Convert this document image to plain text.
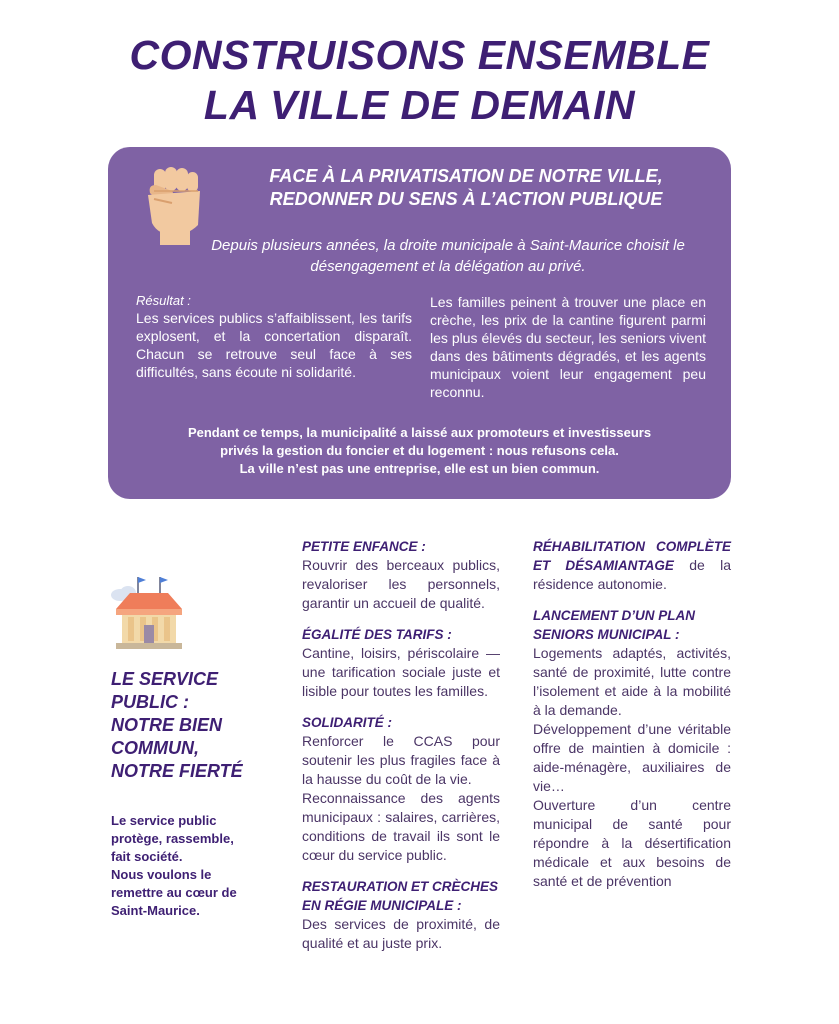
CONSTRUISONS ENSEMBLE
LA VILLE DE DEMAIN
FACE À LA PRIVATISATION DE NOTRE VILLE,
REDONNER DU SENS À L’ACTION PUBLIQUE
Depuis plusieurs années, la droite municipale à Saint-Maurice choisit le désengagement et la délégation au privé.
Résultat :
Les services publics s’affaiblissent, les tarifs explosent, et la concertation disparaît. Chacun se retrouve seul face à ses difficultés, sans écoute ni solidarité.
Les familles peinent à trouver une place en crèche, les prix de la cantine figurent parmi les plus élevés du secteur, les seniors vivent dans des bâtiments dégradés, et les agents municipaux voient leur engagement peu reconnu.
Pendant ce temps, la municipalité a laissé aux promoteurs et investisseurs
privés la gestion du foncier et du logement : nous refusons cela.
La ville n’est pas une entreprise, elle est un bien commun.
LE SERVICE
PUBLIC :
NOTRE BIEN
COMMUN,
NOTRE FIERTÉ
Le service public
protège, rassemble,
fait société.
Nous voulons le
remettre au cœur de
Saint-Maurice.
PETITE ENFANCE :

Rouvrir des berceaux publics, revaloriser les personnels, garantir un accueil de qualité.

ÉGALITÉ DES TARIFS :

Cantine, loisirs, périscolaire — une tarification sociale juste et lisible pour toutes les familles.

SOLIDARITÉ :

Renforcer le CCAS pour soutenir les plus fragiles face à la hausse du coût de la vie.

Reconnaissance des agents municipaux : salaires, carrières, conditions de travail ils sont le cœur du service public.

RESTAURATION ET CRÈCHES
EN RÉGIE MUNICIPALE :

Des services de proximité, de qualité et au juste prix.

RÉHABILITATION COMPLÈTE ET DÉSAMIANTAGE de la résidence autonomie.

LANCEMENT D’UN PLAN SENIORS MUNICIPAL :

Logements adaptés, activités, santé de proximité, lutte contre l’isolement et aide à la mobilité à la demande.

Développement d’une véritable offre de maintien à domicile : aide-ménagère, auxiliaires de vie…

Ouverture d’un centre municipal de santé pour répondre à la désertification médicale et aux besoins de santé et de prévention
